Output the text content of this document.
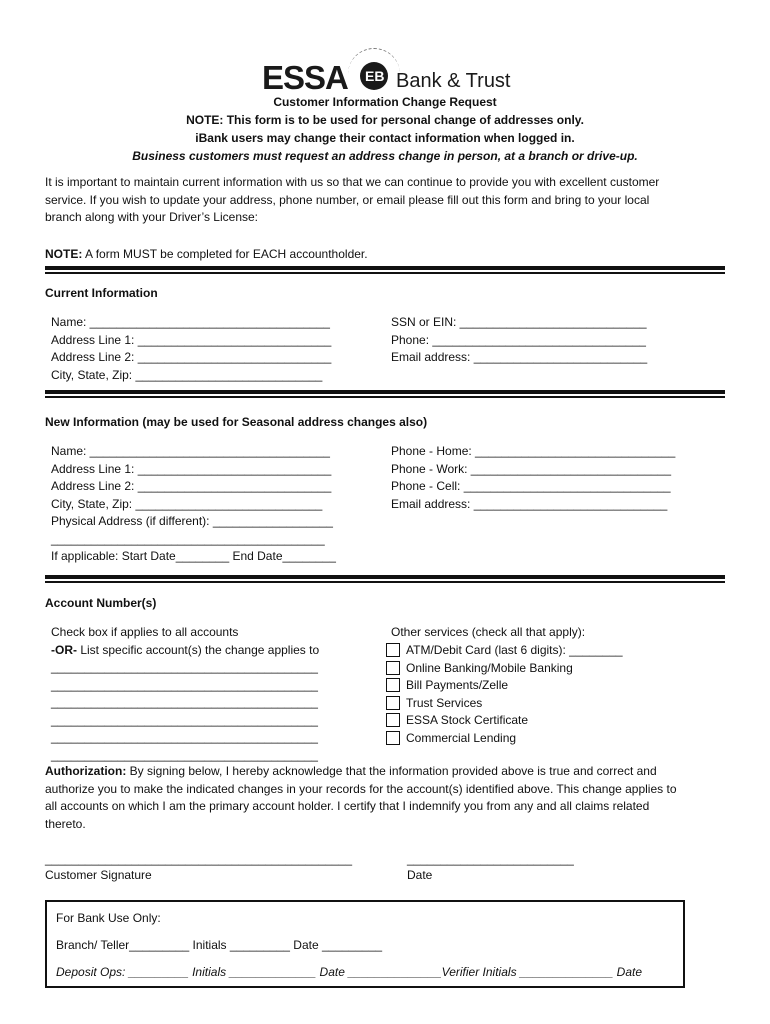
ESSA EB Bank & Trust
Customer Information Change Request
NOTE: This form is to be used for personal change of addresses only.
iBank users may change their contact information when logged in.
Business customers must request an address change in person, at a branch or drive-up.
It is important to maintain current information with us so that we can continue to provide you with excellent customer
service. If you wish to update your address, phone number, or email please fill out this form and bring to your local
branch along with your Driver’s License:
NOTE: A form MUST be completed for EACH accountholder.
Current Information
Name: ____________________________________
Address Line 1: _____________________________
Address Line 2: _____________________________
City, State, Zip: ____________________________
SSN or EIN: ____________________________
Phone: ________________________________
Email address: __________________________
New Information (may be used for Seasonal address changes also)
Name: ____________________________________
Address Line 1: _____________________________
Address Line 2: _____________________________
City, State, Zip: ____________________________
Physical Address (if different): __________________
_________________________________________
If applicable: Start Date________ End Date________
Phone - Home: ______________________________
Phone - Work: ______________________________
Phone - Cell: _______________________________
Email address: _____________________________
Account Number(s)
Check box if applies to all accounts
-OR- List specific account(s) the change applies to
________________________________________
________________________________________
________________________________________
________________________________________
________________________________________
________________________________________
Other services (check all that apply):
ATM/Debit Card (last 6 digits): ________
Online Banking/Mobile Banking
Bill Payments/Zelle
Trust Services
ESSA Stock Certificate
Commercial Lending
Authorization: By signing below, I hereby acknowledge that the information provided above is true and correct and
authorize you to make the indicated changes in your records for the account(s) identified above. This change applies to
all accounts on which I am the primary account holder. I certify that I indemnify you from any and all claims related
thereto.
______________________________________________
Customer Signature
_________________________
Date
For Bank Use Only:
Branch/ Teller_________ Initials _________ Date _________
Deposit Ops: _________ Initials _____________ Date ______________Verifier Initials ______________ Date
